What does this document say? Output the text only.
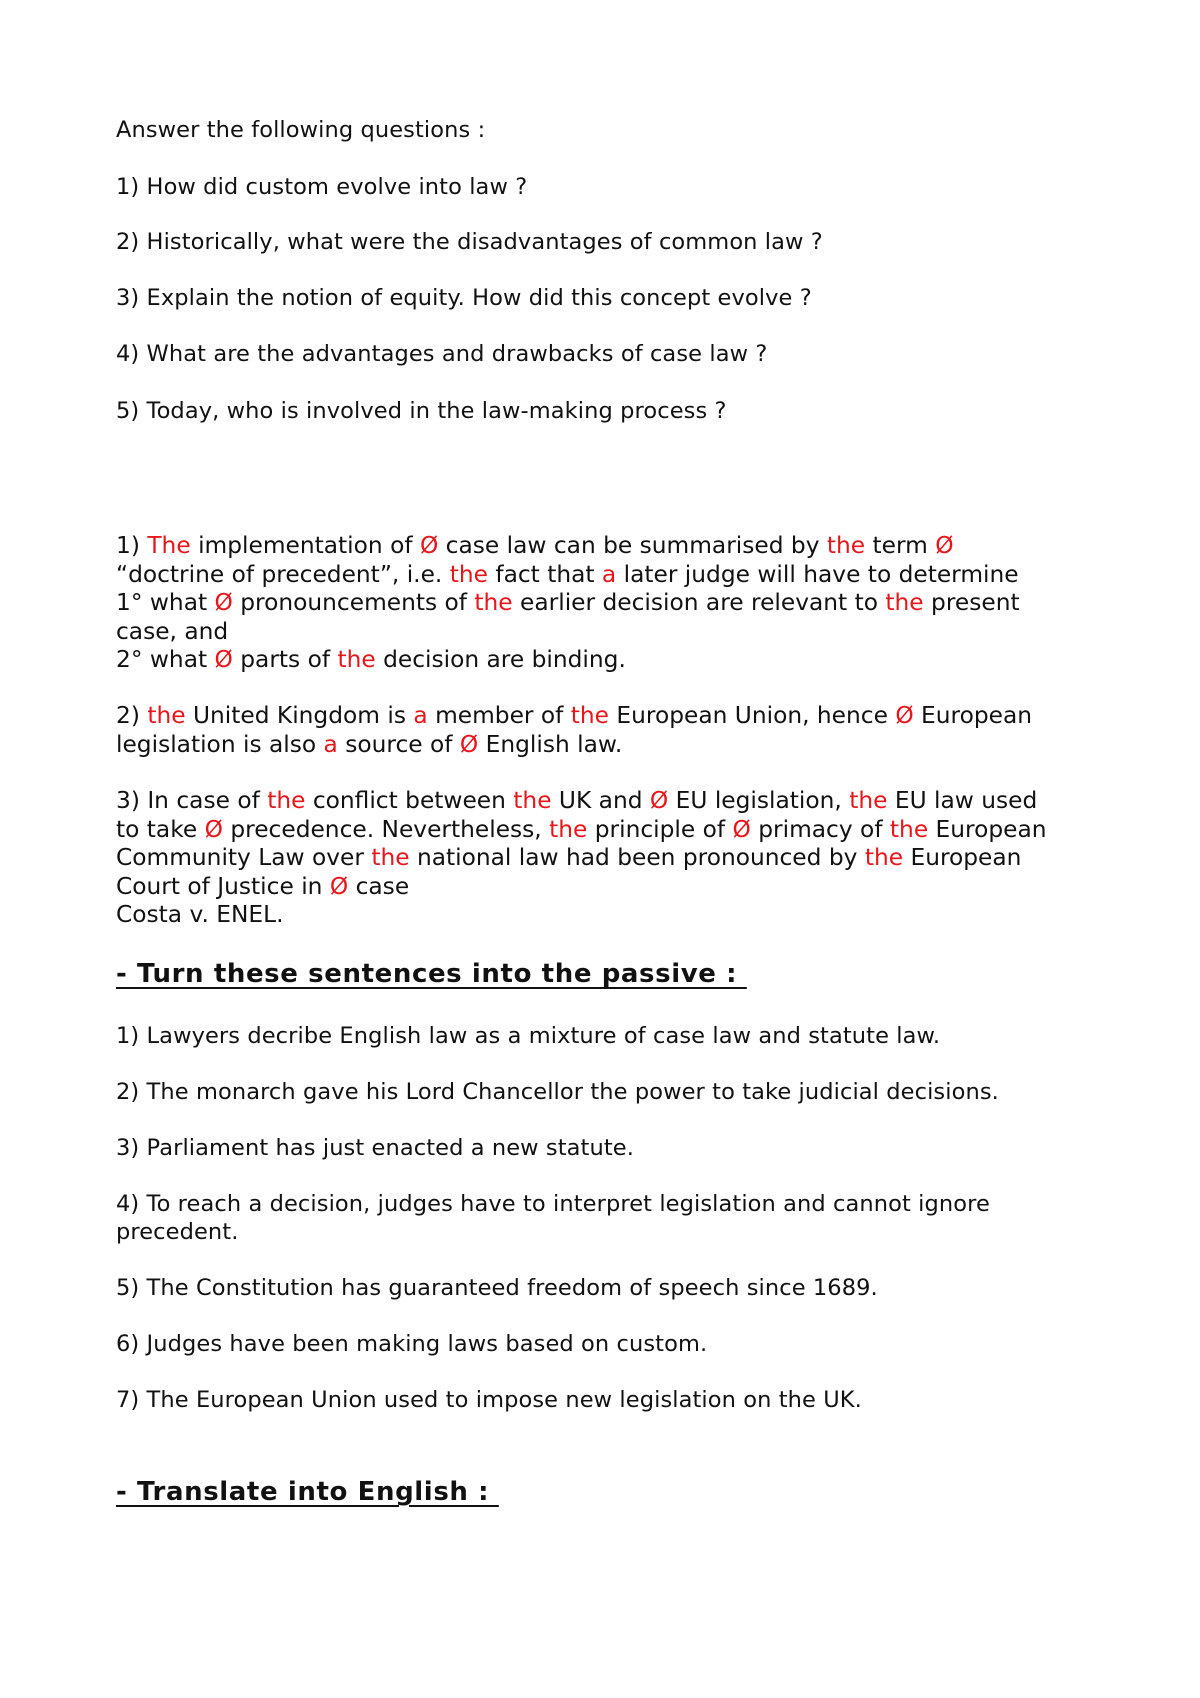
Answer the following questions :
1) How did custom evolve into law ?
2) Historically, what were the disadvantages of common law ?
3) Explain the notion of equity. How did this concept evolve ?
4) What are the advantages and drawbacks of case law ?
5) Today, who is involved in the law-making process ?
1) The implementation of Ø case law can be summarised by the term Ø
“doctrine of precedent”, i.e. the fact that a later judge will have to determine
1° what Ø pronouncements of the earlier decision are relevant to the present
case, and
2° what Ø parts of the decision are binding.
2) the United Kingdom is a member of the European Union, hence Ø European
legislation is also a source of Ø English law.
3) In case of the conflict between the UK and Ø EU legislation, the EU law used
to take Ø precedence. Nevertheless, the principle of Ø primacy of the European
Community Law over the national law had been pronounced by the European
Court of Justice in Ø case
Costa v. ENEL.
- Turn these sentences into the passive :
1) Lawyers decribe English law as a mixture of case law and statute law.
2) The monarch gave his Lord Chancellor the power to take judicial decisions.
3) Parliament has just enacted a new statute.
4) To reach a decision, judges have to interpret legislation and cannot ignore
precedent.
5) The Constitution has guaranteed freedom of speech since 1689.
6) Judges have been making laws based on custom.
7) The European Union used to impose new legislation on the UK.
- Translate into English :
